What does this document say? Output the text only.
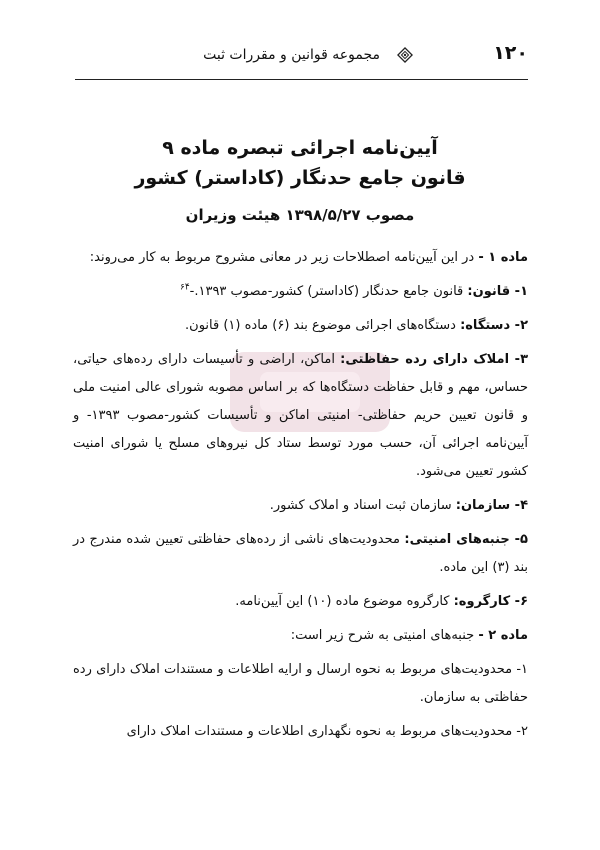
۱۲۰
مجموعه قوانین و مقررات ثبت
آیین‌نامه اجرائی تبصره ماده ۹
قانون جامع حدنگار (کاداستر) کشور
مصوب ۱۳۹۸/۵/۲۷ هیئت وزیران

ماده ۱ - در این آیین‌نامه اصطلاحات زیر در معانی مشروح مربوط به کار می‌روند:

۱- قانون: قانون جامع حدنگار (کاداستر) کشور-مصوب ۱۳۹۳.-$^{۶۴}$

۲- دستگاه: دستگاه‌های اجرائی موضوع بند (۶) ماده (۱) قانون.

۳- املاک دارای رده حفاظتی: اماکن، اراضی و تأسیسات دارای رده‌های حیاتی، حساس، مهم و قابل حفاظت دستگاه‌ها که بر اساس مصوبه شورای عالی امنیت ملی و قانون تعیین حریم حفاظتی- امنیتی اماکن و تأسیسات کشور-مصوب ۱۳۹۳- و آیین‌نامه اجرائی آن، حسب مورد توسط ستاد کل نیروهای مسلح یا شورای امنیت کشور تعیین می‌شود.

۴- سازمان: سازمان ثبت اسناد و املاک کشور.

۵- جنبه‌های امنیتی: محدودیت‌های ناشی از رده‌های حفاظتی تعیین شده مندرج در بند (۳) این ماده.

۶- کارگروه: کارگروه موضوع ماده (۱۰) این آیین‌نامه.

ماده ۲ - جنبه‌های امنیتی به شرح زیر است:

۱- محدودیت‌های مربوط به نحوه ارسال و ارایه اطلاعات و مستندات املاک دارای رده حفاظتی به سازمان.

۲- محدودیت‌های مربوط به نحوه نگهداری اطلاعات و مستندات املاک دارای
